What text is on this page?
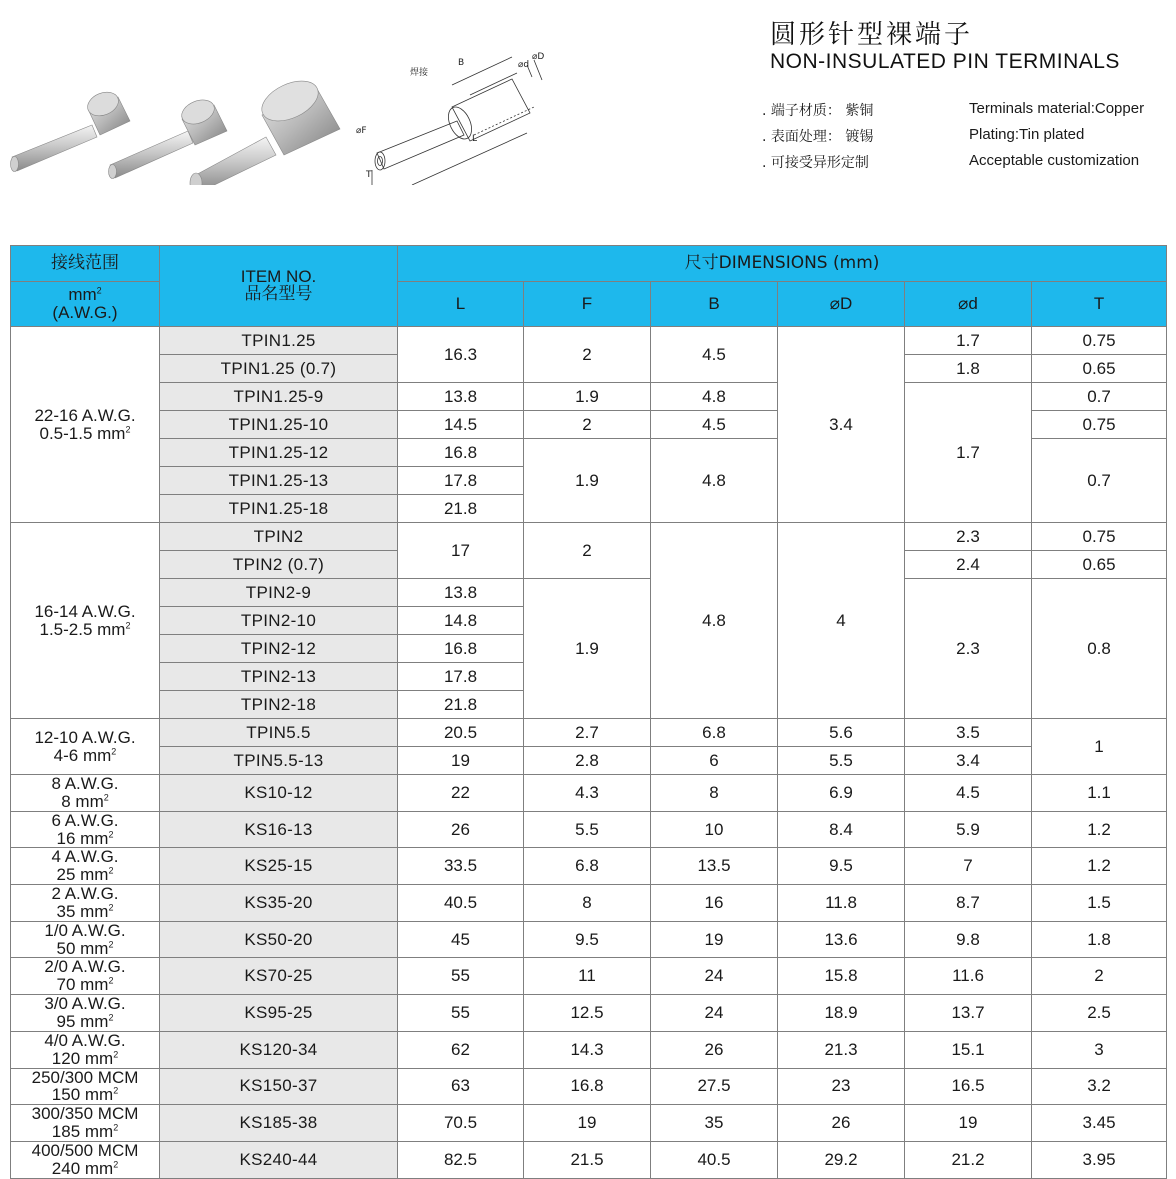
焊接
B
⌀D
⌀d
⌀F
L
T
圆形针型裸端子
NON-INSULATED PIN TERMINALS
. 端子材质： 紫铜	Terminals material:Copper
. 表面处理： 镀锡	Plating:Tin plated
. 可接受异形定制	Acceptable customization
接线范围	ITEM NO.
品名型号	尺寸DIMENSIONS (mm)					

$mm^2$
(A.W.G.)		L	F	B	⌀D	⌀d	T
22-16 A.W.G.
0.5-1.5 $mm^2$	TPIN1.25	16.3	2	4.5	3.4	1.7	0.75
	TPIN1.25 (0.7)					1.8	0.65
	TPIN1.25-9	13.8	1.9	4.8		1.7	0.7
	TPIN1.25-10	14.5	2	4.5			0.75
	TPIN1.25-12	16.8	1.9	4.8			0.7
	TPIN1.25-13	17.8					
	TPIN1.25-18	21.8					
16-14 A.W.G.
1.5-2.5 $mm^2$	TPIN2	17	2	4.8	4	2.3	0.75
	TPIN2 (0.7)					2.4	0.65
	TPIN2-9	13.8	1.9			2.3	0.8
	TPIN2-10	14.8					
	TPIN2-12	16.8					
	TPIN2-13	17.8					
	TPIN2-18	21.8					
12-10 A.W.G.
4-6 $mm^2$	TPIN5.5	20.5	2.7	6.8	5.6	3.5	1
	TPIN5.5-13	19	2.8	6	5.5	3.4	
8 A.W.G.
8 $mm^2$	KS10-12	22	4.3	8	6.9	4.5	1.1
6 A.W.G.
16 $mm^2$	KS16-13	26	5.5	10	8.4	5.9	1.2
4 A.W.G.
25 $mm^2$	KS25-15	33.5	6.8	13.5	9.5	7	1.2
2 A.W.G.
35 $mm^2$	KS35-20	40.5	8	16	11.8	8.7	1.5
1/0 A.W.G.
50 $mm^2$	KS50-20	45	9.5	19	13.6	9.8	1.8
2/0 A.W.G.
70 $mm^2$	KS70-25	55	11	24	15.8	11.6	2
3/0 A.W.G.
95 $mm^2$	KS95-25	55	12.5	24	18.9	13.7	2.5
4/0 A.W.G.
120 $mm^2$	KS120-34	62	14.3	26	21.3	15.1	3
250/300 MCM
150 $mm^2$	KS150-37	63	16.8	27.5	23	16.5	3.2
300/350 MCM
185 $mm^2$	KS185-38	70.5	19	35	26	19	3.45
400/500 MCM
240 $mm^2$	KS240-44	82.5	21.5	40.5	29.2	21.2	3.95
